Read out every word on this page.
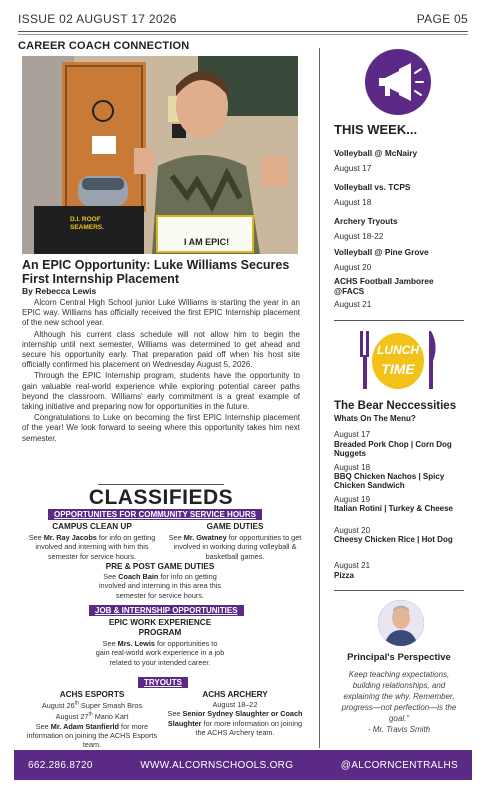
ISSUE 02 AUGUST 17 2026	PAGE 05
CAREER COACH CONNECTION
I AM EPIC!
D.I. ROOF SEAMERS.
An EPIC Opportunity: Luke Williams Secures First Internship Placement
By Rebecca Lewis

Alcorn Central High School junior Luke Williams is starting the year in an EPIC way. Williams has officially received the first EPIC Internship placement of the new school year.

Although his current class schedule will not allow him to begin the internship until next semester, Williams was determined to get ahead and secure his opportunity early. That preparation paid off when his host site officially confirmed his placement on Wednesday August 5, 2026.

Through the EPIC Internship program, students have the opportunity to gain valuable real-world experience while exploring potential career paths beyond the classroom. Williams' early commitment is a great example of taking initiative and preparing now for opportunities in the future.

Congratulations to Luke on becoming the first EPIC Internship placement of the year! We look forward to seeing where this opportunity takes him next semester.

CLASSIFIEDS
OPPORTUNITES FOR COMMUNITY SERVICE HOURS
CAMPUS CLEAN UP
See Mr. Ray Jacobs for info on getting involved and interning with him this semester for service hours.
GAME DUTIES
See Mr. Gwatney for opportunities to get involved in working during volleyball & basketball games.
PRE & POST GAME DUTIES
See Coach Bain for info on getting involved and interning in this area this semester for service hours.
JOB & INTERNSHIP OPPORTUNITIES
EPIC WORK EXPERIENCE PROGRAM
See Mrs. Lewis for opportunities to gain real-world work experience in a job related to your intended career.
TRYOUTS
ACHS ESPORTS
August 26th Super Smash Bros
August 27th Mario Kart
See Mr. Adam Stanfierld for more information on joining the ACHS Esports team.
ACHS ARCHERY
August 18–22
See Senior Sydney Slaughter or Coach Slaughter for more information on joining the ACHS Archery team.
THIS WEEK...
Volleyball @ McNairy
August 17
Volleyball vs. TCPS
August 18
Archery Tryouts
August 18-22
Volleyball @ Pine Grove
August 20
ACHS Football Jamboree @FACS
August 21
LUNCH
TIME
The Bear Neccessities
Whats On The Menu?
August 17
Breaded Pork Chop | Corn Dog Nuggets
August 18
BBQ Chicken Nachos | Spicy Chicken Sandwich
August 19
Italian Rotini | Turkey & Cheese
August 20
Cheesy Chicken Rice | Hot Dog
August 21
Pizza
Principal's Perspective
Keep teaching expectations, building relationships, and explaining the why. Remember, progress—not perfection—is the goal.”
- Mr. Travis Smith
662.286.8720	WWW.ALCORNSCHOOLS.ORG	@ALCORNCENTRALHS
